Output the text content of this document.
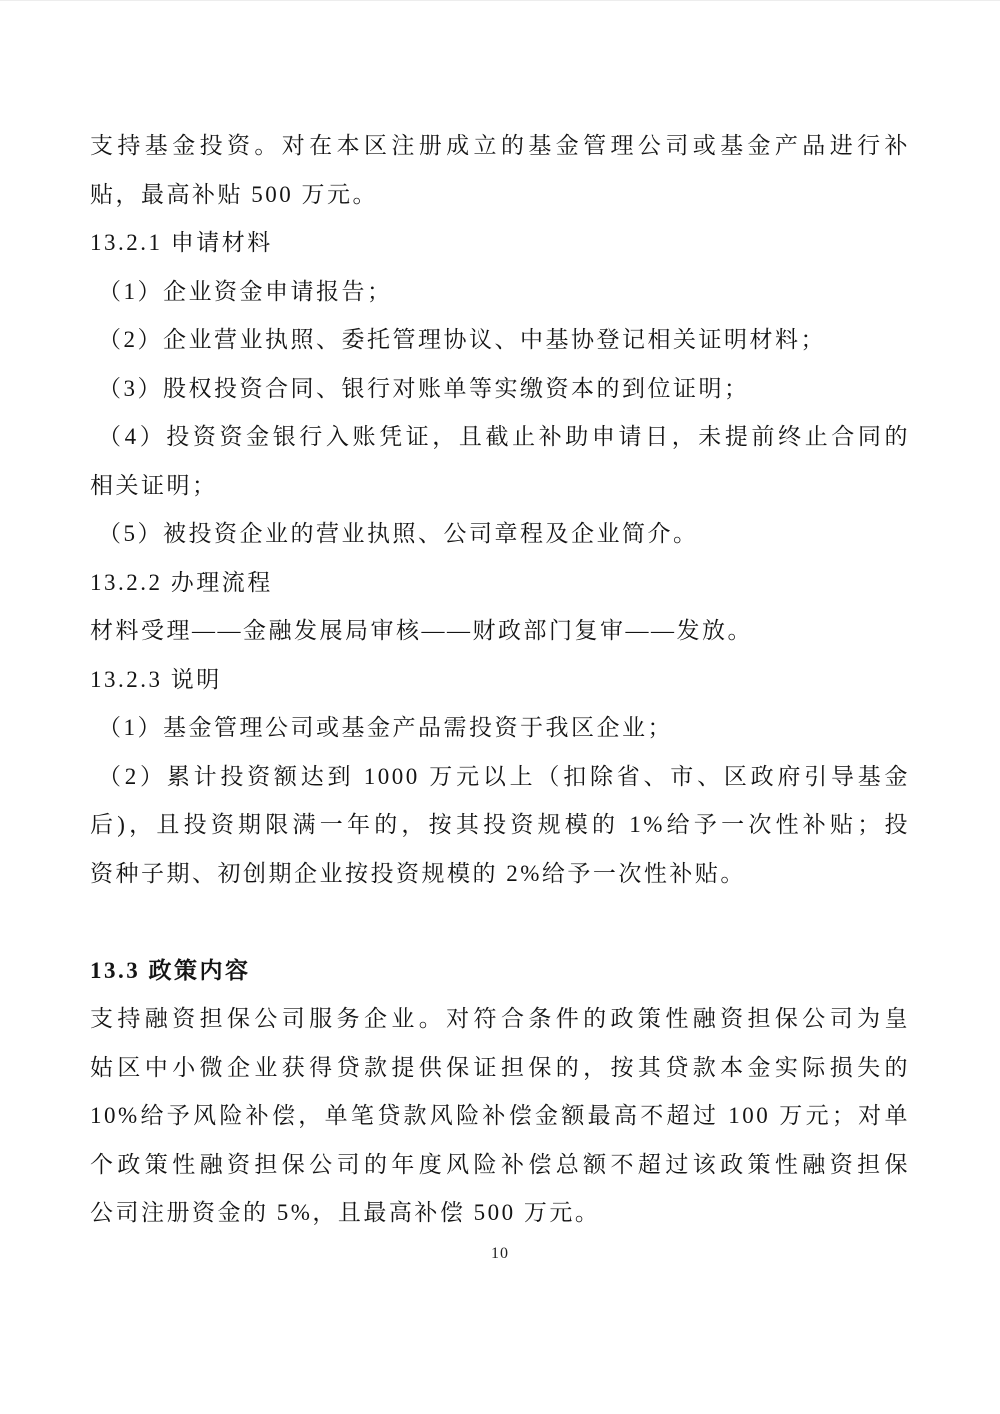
支持基金投资。对在本区注册成立的基金管理公司或基金产品进行补
贴，最高补贴 500 万元。
13.2.1 申请材料
（1）企业资金申请报告；
（2）企业营业执照、委托管理协议、中基协登记相关证明材料；
（3）股权投资合同、银行对账单等实缴资本的到位证明；
（4）投资资金银行入账凭证，且截止补助申请日，未提前终止合同的
相关证明；
（5）被投资企业的营业执照、公司章程及企业简介。
13.2.2 办理流程
材料受理——金融发展局审核——财政部门复审——发放。
13.2.3 说明
（1）基金管理公司或基金产品需投资于我区企业；
（2）累计投资额达到 1000 万元以上（扣除省、市、区政府引导基金
后)，且投资期限满一年的，按其投资规模的 1%给予一次性补贴；投
资种子期、初创期企业按投资规模的 2%给予一次性补贴。
13.3 政策内容
支持融资担保公司服务企业。对符合条件的政策性融资担保公司为皇
姑区中小微企业获得贷款提供保证担保的，按其贷款本金实际损失的
10%给予风险补偿，单笔贷款风险补偿金额最高不超过 100 万元；对单
个政策性融资担保公司的年度风险补偿总额不超过该政策性融资担保
公司注册资金的 5%，且最高补偿 500 万元。
10
